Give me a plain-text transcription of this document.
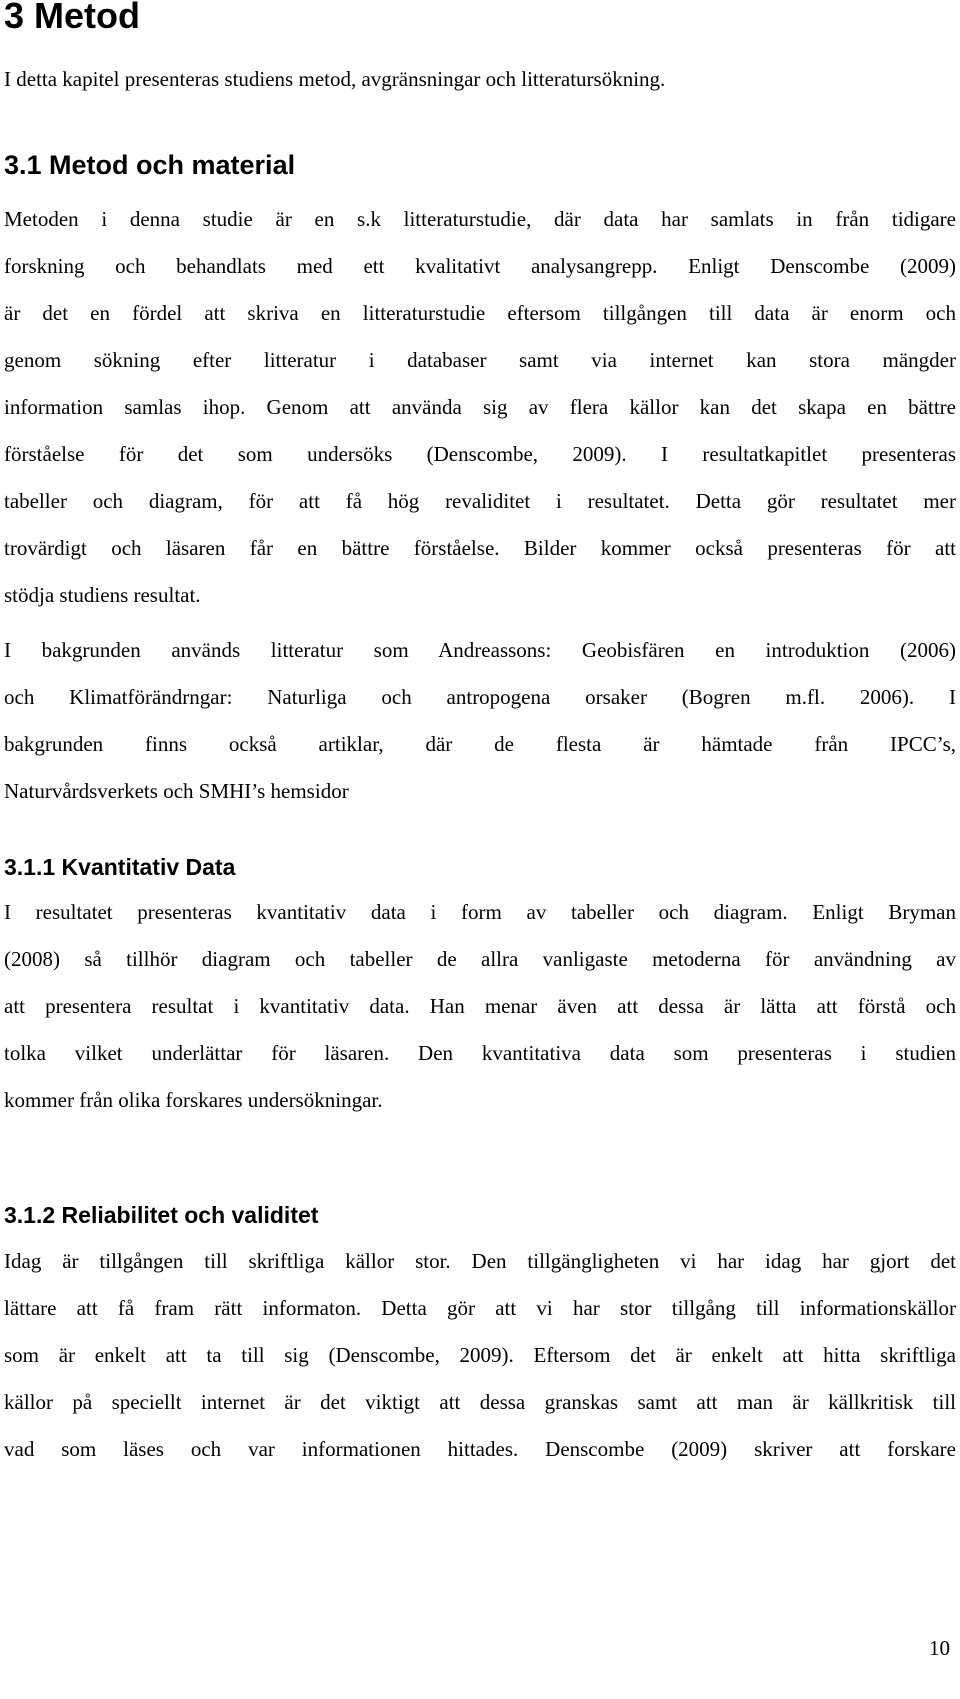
3 Metod

I detta kapitel presenteras studiens metod, avgränsningar och litteratursökning.

3.1 Metod och material

Metoden i denna studie är en s.k litteraturstudie, där data har samlats in från tidigare
forskning och behandlats med ett kvalitativt analysangrepp. Enligt Denscombe (2009)
är det en fördel att skriva en litteraturstudie eftersom tillgången till data är enorm och
genom sökning efter litteratur i databaser samt via internet kan stora mängder
information samlas ihop. Genom att använda sig av flera källor kan det skapa en bättre
förståelse för det som undersöks (Denscombe, 2009). I resultatkapitlet presenteras
tabeller och diagram, för att få hög revaliditet i resultatet. Detta gör resultatet mer
trovärdigt och läsaren får en bättre förståelse. Bilder kommer också presenteras för att
stödja studiens resultat.

I bakgrunden används litteratur som Andreassons: Geobisfären en introduktion (2006)
och Klimatförändrngar: Naturliga och antropogena orsaker (Bogren m.fl. 2006). I
bakgrunden finns också artiklar, där de flesta är hämtade från IPCC’s,
Naturvårdsverkets och SMHI’s hemsidor

3.1.1 Kvantitativ Data

I resultatet presenteras kvantitativ data i form av tabeller och diagram. Enligt Bryman
(2008) så tillhör diagram och tabeller de allra vanligaste metoderna för användning av
att presentera resultat i kvantitativ data. Han menar även att dessa är lätta att förstå och
tolka vilket underlättar för läsaren. Den kvantitativa data som presenteras i studien
kommer från olika forskares undersökningar.

3.1.2 Reliabilitet och validitet

Idag är tillgången till skriftliga källor stor. Den tillgängligheten vi har idag har gjort det
lättare att få fram rätt informaton. Detta gör att vi har stor tillgång till informationskällor
som är enkelt att ta till sig (Denscombe, 2009). Eftersom det är enkelt att hitta skriftliga
källor på speciellt internet är det viktigt att dessa granskas samt att man är källkritisk till
vad som läses och var informationen hittades. Denscombe (2009) skriver att forskare

10
